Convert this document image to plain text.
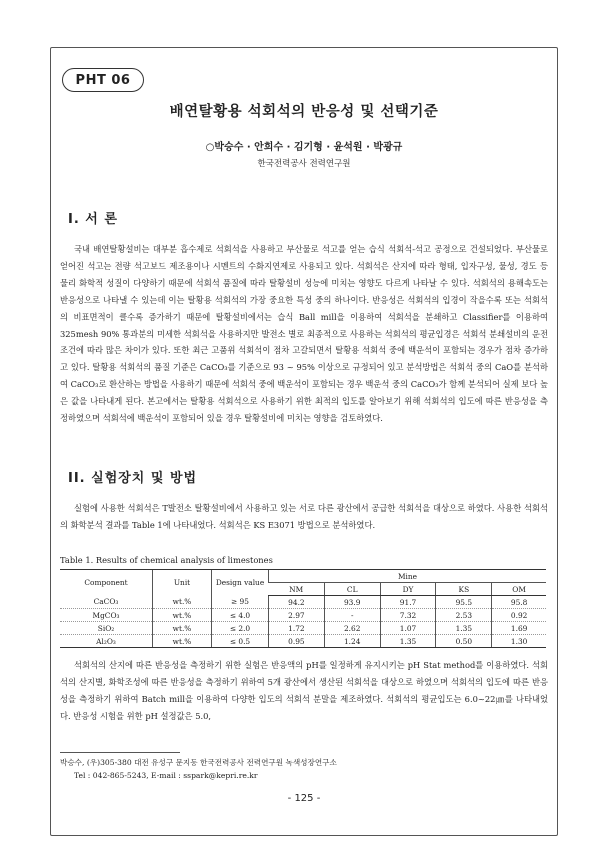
PHT 06
배연탈황용 석회석의 반응성 및 선택기준
○박승수 · 안희수 · 김기형 · 윤석원 · 박광규
한국전력공사 전력연구원
I. 서 론

국내 배연탈황설비는 대부분 흡수제로 석회석을 사용하고 부산물로 석고를 얻는 습식 석회석-석고 공정으로 건설되었다. 부산물로 얻어진 석고는 전량 석고보드 제조용이나 시멘트의 수화지연제로 사용되고 있다. 석회석은 산지에 따라 형태, 입자구성, 물성, 경도 등 물리 화학적 성질이 다양하기 때문에 석회석 품질에 따라 탈황설비 성능에 미치는 영향도 다르게 나타날 수 있다. 석회석의 용해속도는 반응성으로 나타낼 수 있는데 이는 탈황용 석회석의 가장 중요한 특성 중의 하나이다. 반응성은 석회석의 입경이 작을수록 또는 석회석의 비표면적이 클수록 증가하기 때문에 탈황설비에서는 습식 Ball mill을 이용하여 석회석을 분쇄하고 Classifier를 이용하여 325mesh 90% 통과분의 미세한 석회석을 사용하지만 발전소 별로 최종적으로 사용하는 석회석의 평균입경은 석회석 분쇄설비의 운전조건에 따라 많은 차이가 있다. 또한 최근 고품위 석회석이 점차 고갈되면서 탈황용 석회석 중에 백운석이 포함되는 경우가 점차 증가하고 있다. 탈황용 석회석의 품질 기준은 CaCO₃를 기준으로 93 ~ 95% 이상으로 규정되어 있고 분석방법은 석회석 중의 CaO를 분석하여 CaCO₃로 환산하는 방법을 사용하기 때문에 석회석 중에 백운석이 포함되는 경우 백운석 중의 CaCO₃가 함께 분석되어 실제 보다 높은 값을 나타내게 된다. 본고에서는 탈황용 석회석으로 사용하기 위한 최적의 입도를 알아보기 위해 석회석의 입도에 따른 반응성을 측정하였으며 석회석에 백운석이 포함되어 있을 경우 탈황설비에 미치는 영향을 검토하였다.

II. 실험장치 및 방법

실험에 사용한 석회석은 T발전소 탈황설비에서 사용하고 있는 서로 다른 광산에서 공급한 석회석을 대상으로 하였다. 사용한 석회석의 화학분석 결과를 Table 1에 나타내었다. 석회석은 KS E3071 방법으로 분석하였다.

Table 1. Results of chemical analysis of limestones
Component	Unit	Design value	Mine				
			NM	CL	DY	KS	OM
CaCO₃	wt.%	≥ 95	94.2	93.9	91.7	95.5	95.8
MgCO₃	wt.%	≤ 4.0	2.97	-	7.32	2.53	0.92
SiO₂	wt.%	≤ 2.0	1.72	2.62	1.07	1.35	1.69
Al₂O₃	wt.%	≤ 0.5	0.95	1.24	1.35	0.50	1.30

석회석의 산지에 따른 반응성을 측정하기 위한 실험은 반응액의 pH를 일정하게 유지시키는 pH Stat method를 이용하였다. 석회석의 산지별, 화학조성에 따른 반응성을 측정하기 위하여 5개 광산에서 생산된 석회석을 대상으로 하였으며 석회석의 입도에 따른 반응성을 측정하기 위하여 Batch mill을 이용하여 다양한 입도의 석회석 분말을 제조하였다. 석회석의 평균입도는 6.0~22㎛를 나타내었다. 반응성 시험을 위한 pH 설정값은 5.0,

박승수, (우)305-380 대전 유성구 문지동 한국전력공사 전력연구원 녹색성장연구소
Tel : 042-865-5243, E-mail : sspark@kepri.re.kr
- 125 -
